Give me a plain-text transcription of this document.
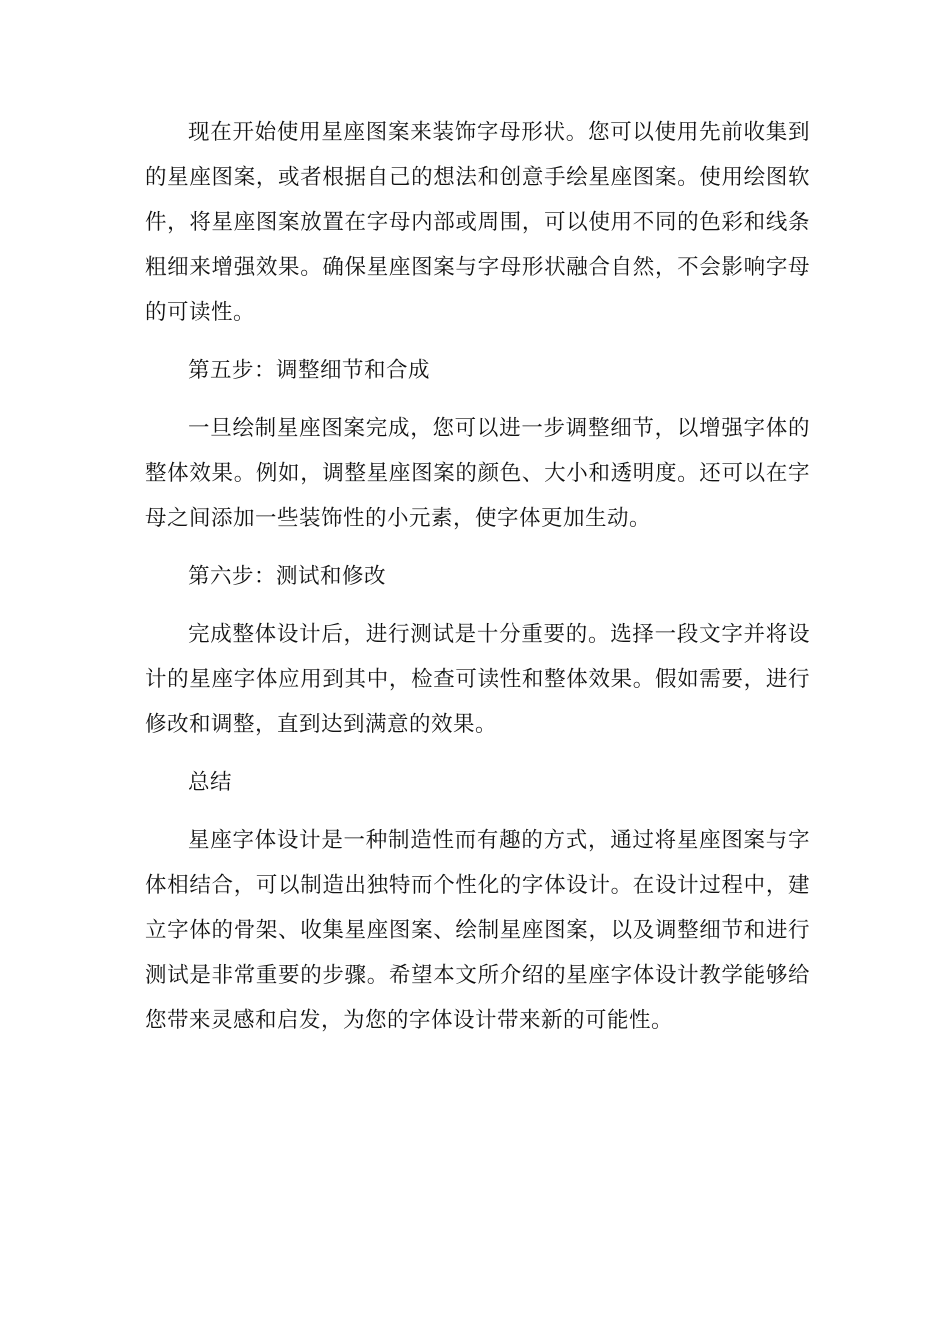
现在开始使用星座图案来装饰字母形状。您可以使用先前收集到的星座图案，或者根据自己的想法和创意手绘星座图案。使用绘图软件，将星座图案放置在字母内部或周围，可以使用不同的色彩和线条粗细来增强效果。确保星座图案与字母形状融合自然，不会影响字母的可读性。

第五步：调整细节和合成

一旦绘制星座图案完成，您可以进一步调整细节，以增强字体的整体效果。例如，调整星座图案的颜色、大小和透明度。还可以在字母之间添加一些装饰性的小元素，使字体更加生动。

第六步：测试和修改

完成整体设计后，进行测试是十分重要的。选择一段文字并将设计的星座字体应用到其中，检查可读性和整体效果。假如需要，进行修改和调整，直到达到满意的效果。

总结

星座字体设计是一种制造性而有趣的方式，通过将星座图案与字体相结合，可以制造出独特而个性化的字体设计。在设计过程中，建立字体的骨架、收集星座图案、绘制星座图案，以及调整细节和进行测试是非常重要的步骤。希望本文所介绍的星座字体设计教学能够给您带来灵感和启发，为您的字体设计带来新的可能性。
